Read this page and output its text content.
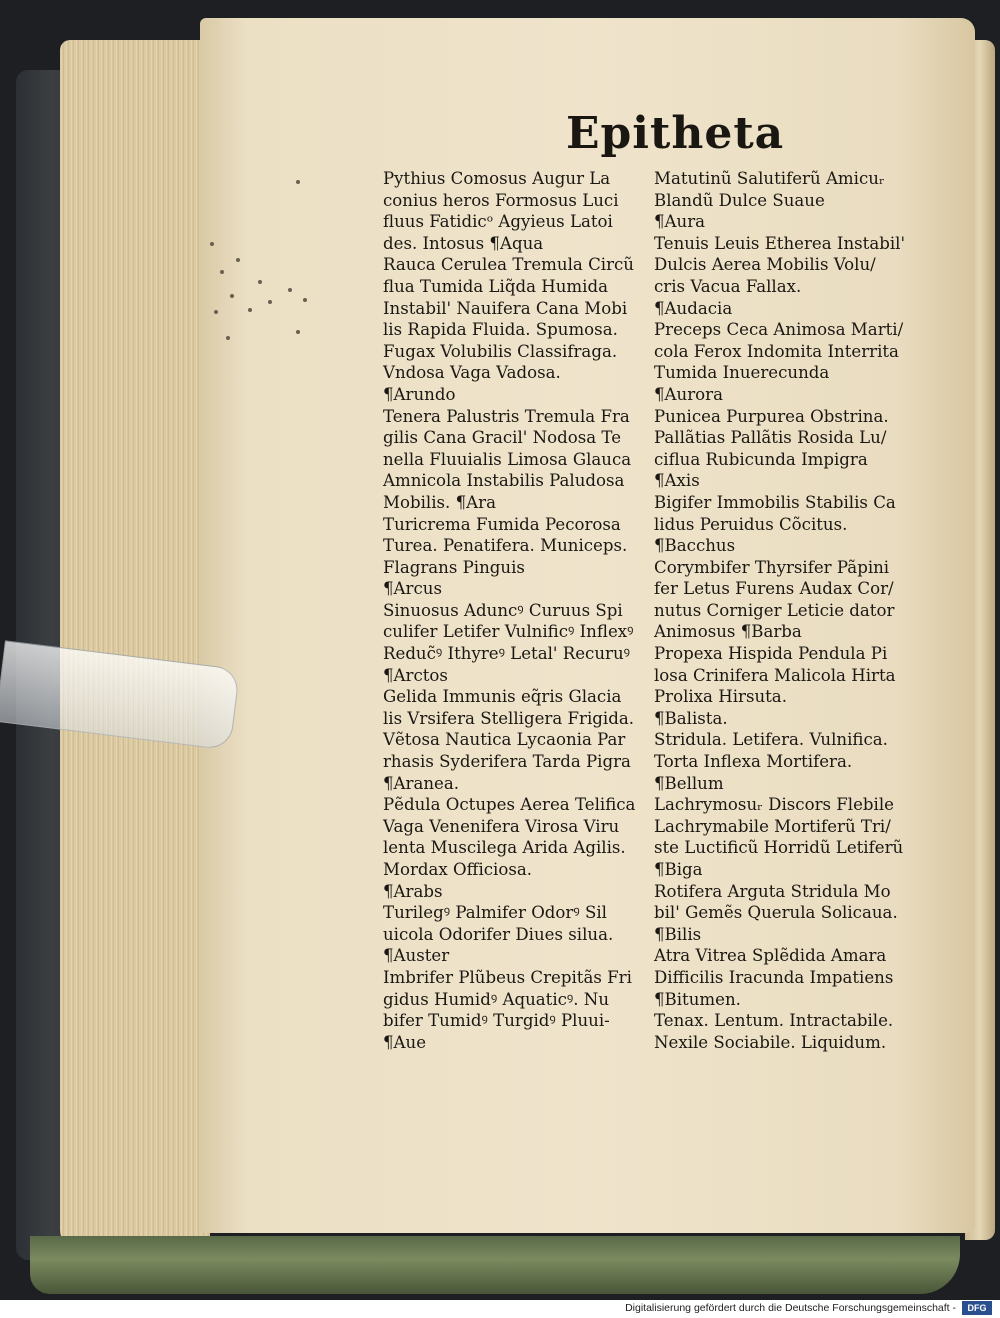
Epitheta
Pythius Comosus Augur La
conius heros Formosus Luci
fluus Fatidicᵒ Agyieus Latoi
des. Intosus ¶Aqua
Rauca Cerulea Tremula Circũ
flua Tumida Liq̃da Humida
Instabil' Nauifera Cana Mobi
lis Rapida Fluida. Spumosa.
Fugax Volubilis Classifraga.
Vndosa Vaga Vadosa.
¶Arundo
Tenera Palustris Tremula Fra
gilis Cana Gracil' Nodosa Te
nella Fluuialis Limosa Glauca
Amnicola Instabilis Paludosa
Mobilis. ¶Ara
Turicrema Fumida Pecorosa
Turea. Penatifera. Municeps.
Flagrans Pinguis
¶Arcus
Sinuosus Aduncꝰ Curuus Spi
culifer Letifer Vulnificꝰ Inflexꝰ
Reduc̃ꝰ Ithyreꝰ Letal' Recuruꝰ
¶Arctos
Gelida Immunis eq̃ris Glacia
lis Vrsifera Stelligera Frigida.
Vẽtosa Nautica Lycaonia Par
rhasis Syderifera Tarda Pigra
¶Aranea.
Pẽdula Octupes Aerea Telifica
Vaga Venenifera Virosa Viru
lenta Muscilega Arida Agilis.
Mordax Officiosa.
¶Arabs
Turilegꝰ Palmifer Odorꝰ Sil
uicola Odorifer Diues silua.
¶Auster
Imbrifer Plũbeus Crepitãs Fri
gidus Humidꝰ Aquaticꝰ. Nu
bifer Tumidꝰ Turgidꝰ Pluui‐
¶Aue
Matutinũ Salutiferũ Amicuᵣ
Blandũ Dulce Suaue
¶Aura
Tenuis Leuis Etherea Instabil'
Dulcis Aerea Mobilis Volu/
cris Vacua Fallax.
¶Audacia
Preceps Ceca Animosa Marti/
cola Ferox Indomita Interrita
Tumida Inuerecunda
¶Aurora
Punicea Purpurea Obstrina.
Pallãtias Pallãtis Rosida Lu/
ciflua Rubicunda Impigra
¶Axis
Bigifer Immobilis Stabilis Ca
lidus Peruidus Cõcitus.
¶Bacchus
Corymbifer Thyrsifer Pãpini
fer Letus Furens Audax Cor/
nutus Corniger Leticie dator
Animosus ¶Barba
Propexa Hispida Pendula Pi
losa Crinifera Malicola Hirta
Prolixa Hirsuta.
¶Balista.
Stridula. Letifera. Vulnifica.
Torta Inflexa Mortifera.
¶Bellum
Lachrymosuᵣ Discors Flebile
Lachrymabile Mortiferũ Tri/
ste Luctificũ Horridũ Letiferũ
¶Biga
Rotifera Arguta Stridula Mo
bil' Gemẽs Querula Solicaua.
¶Bilis
Atra Vitrea Splẽdida Amara
Difficilis Iracunda Impatiens
¶Bitumen.
Tenax. Lentum. Intractabile.
Nexile Sociabile. Liquidum.
Digitalisierung gefördert durch die Deutsche Forschungsgemeinschaft -	DFG
